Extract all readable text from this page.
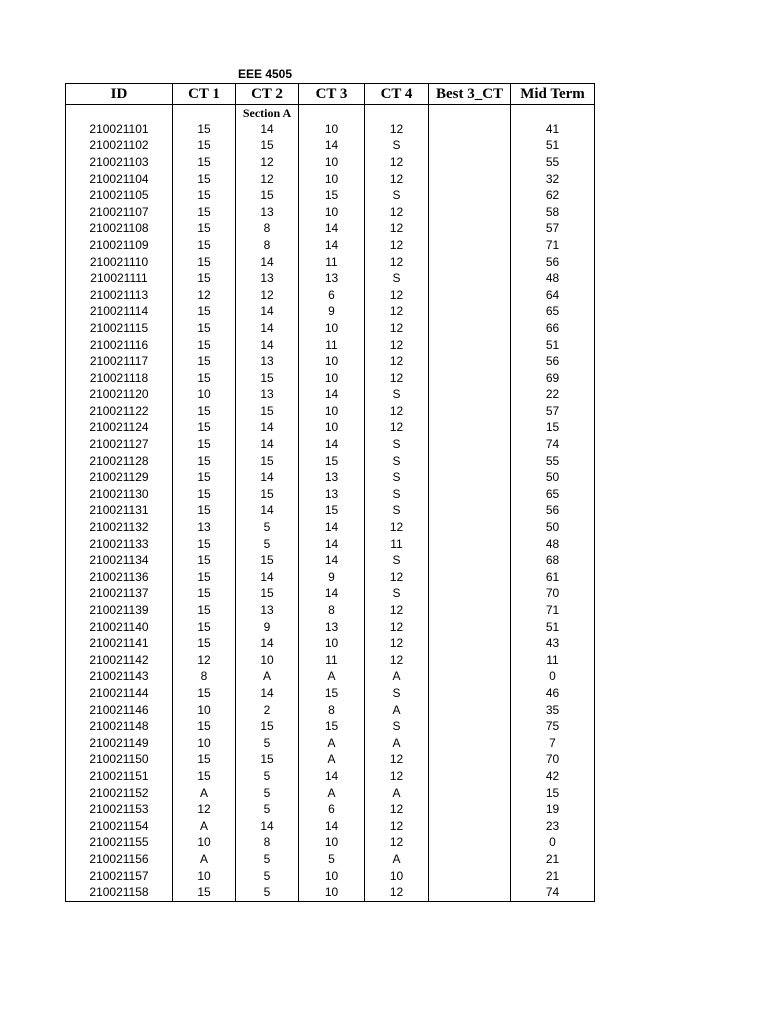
EEE 4505
ID	CT 1	CT 2	CT 3	CT 4	Best 3_CT	Mid Term
		Section A				
210021101	15	14	10	12		41
210021102	15	15	14	S		51
210021103	15	12	10	12		55
210021104	15	12	10	12		32
210021105	15	15	15	S		62
210021107	15	13	10	12		58
210021108	15	8	14	12		57
210021109	15	8	14	12		71
210021110	15	14	11	12		56
210021111	15	13	13	S		48
210021113	12	12	6	12		64
210021114	15	14	9	12		65
210021115	15	14	10	12		66
210021116	15	14	11	12		51
210021117	15	13	10	12		56
210021118	15	15	10	12		69
210021120	10	13	14	S		22
210021122	15	15	10	12		57
210021124	15	14	10	12		15
210021127	15	14	14	S		74
210021128	15	15	15	S		55
210021129	15	14	13	S		50
210021130	15	15	13	S		65
210021131	15	14	15	S		56
210021132	13	5	14	12		50
210021133	15	5	14	11		48
210021134	15	15	14	S		68
210021136	15	14	9	12		61
210021137	15	15	14	S		70
210021139	15	13	8	12		71
210021140	15	9	13	12		51
210021141	15	14	10	12		43
210021142	12	10	11	12		11
210021143	8	A	A	A		0
210021144	15	14	15	S		46
210021146	10	2	8	A		35
210021148	15	15	15	S		75
210021149	10	5	A	A		7
210021150	15	15	A	12		70
210021151	15	5	14	12		42
210021152	A	5	A	A		15
210021153	12	5	6	12		19
210021154	A	14	14	12		23
210021155	10	8	10	12		0
210021156	A	5	5	A		21
210021157	10	5	10	10		21
210021158	15	5	10	12		74
